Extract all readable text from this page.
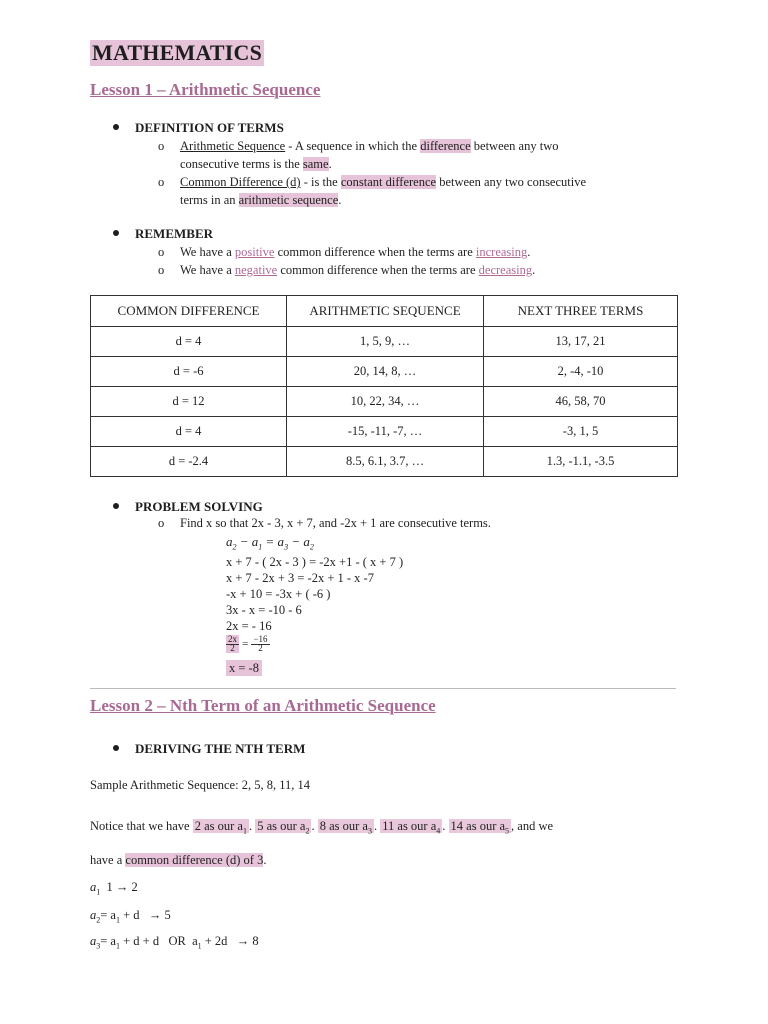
MATHEMATICS
Lesson 1 – Arithmetic Sequence
DEFINITION OF TERMS
o Arithmetic Sequence - A sequence in which the difference between any two
consecutive terms is the same.
o Common Difference (d) - is the constant difference between any two consecutive
terms in an arithmetic sequence.
REMEMBER
o We have a positive common difference when the terms are increasing.
o We have a negative common difference when the terms are decreasing.
COMMON DIFFERENCE	ARITHMETIC SEQUENCE	NEXT THREE TERMS
d = 4	1, 5, 9, …	13, 17, 21
d = -6	20, 14, 8, …	2, -4, -10
d = 12	10, 22, 34, …	46, 58, 70
d = 4	-15, -11, -7, …	-3, 1, 5
d = -2.4	8.5, 6.1, 3.7, …	1.3, -1.1, -3.5
PROBLEM SOLVING
o Find x so that 2x - 3, x + 7, and -2x + 1 are consecutive terms.
$a_2 - a_1 = a_3 - a_2$
x + 7 - ( 2x - 3 ) = -2x +1 - ( x + 7 )
x + 7 - 2x + 3 = -2x + 1 - x -7
-x + 10 = -3x + ( -6 )
3x - x = -10 - 6
2x = - 16
$\frac{2x}{2} = \frac{-16}{2}$
x = -8
Lesson 2 – Nth Term of an Arithmetic Sequence
DERIVING THE NTH TERM
Sample Arithmetic Sequence: 2, 5, 8, 11, 14
Notice that we have 2 as our $a_1$ . 5 as our $a_2$ . 8 as our $a_3$ . 11 as our $a_4$ . 14 as our $a_5$ , and we
have a common difference (d) of 3.
$a_1$ 1 → 2
$a_2= a_1 + d \to 5$
$a_3= a_1 + d + d$   OR  $a_1 + 2d \to 8$
